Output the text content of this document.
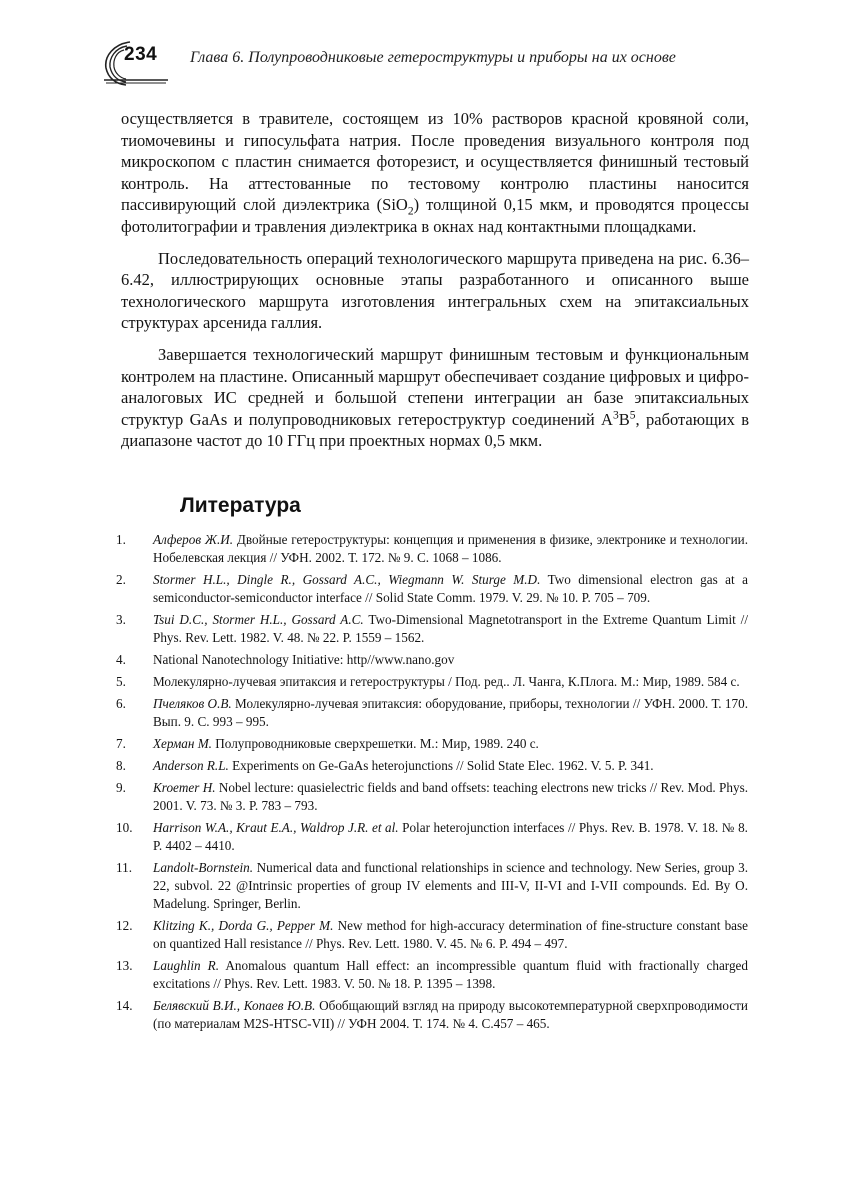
234 Глава 6. Полупроводниковые гетероструктуры и приборы на их основе

осуществляется в травителе, состоящем из 10% растворов красной кровяной соли, тиомочевины и гипосульфата натрия. После проведения визуального контроля под микроскопом с пластин снимается фоторезист, и осуществляется финишный тестовый контроль. На аттестованные по тестовому контролю пластины наносится пассивирующий слой диэлектрика (SiO$_2$) толщиной 0,15 мкм, и проводятся процессы фотолитографии и травления диэлектрика в окнах над контактными площадками.

Последовательность операций технологического маршрута приведена на рис. 6.36–6.42, иллюстрирующих основные этапы разработанного и описанного выше технологического маршрута изготовления интегральных схем на эпитаксиальных структурах арсенида галлия.

Завершается технологический маршрут финишным тестовым и функциональным контролем на пластине. Описанный маршрут обеспечивает создание цифровых и цифро-аналоговых ИС средней и большой степени интеграции ан базе эпитаксиальных структур GaAs и полупроводниковых гетероструктур соединений $A^3B^5$, работающих в диапазоне частот до 10 ГГц при проектных нормах 0,5 мкм.

Литература
1. Алферов Ж.И. Двойные гетероструктуры: концепция и применения в физике, электронике и технологии. Нобелевская лекция // УФН. 2002. Т. 172. № 9. С. 1068 – 1086.
2. Stormer H.L., Dingle R., Gossard A.C., Wiegmann W. Sturge M.D. Two dimensional electron gas at a semiconductor-semiconductor interface // Solid State Comm. 1979. V. 29. № 10. P. 705 – 709.
3. Tsui D.C., Stormer H.L., Gossard A.C. Two-Dimensional Magnetotransport in the Extreme Quantum Limit // Phys. Rev. Lett. 1982. V. 48. № 22. P. 1559 – 1562.
4. National Nanotechnology Initiative: http//www.nano.gov
5. Молекулярно-лучевая эпитаксия и гетероструктуры / Под. ред.. Л. Чанга, К.Плога. М.: Мир, 1989. 584 с.
6. Пчеляков О.В. Молекулярно-лучевая эпитаксия: оборудование, приборы, технологии // УФН. 2000. Т. 170. Вып. 9. С. 993 – 995.
7. Херман М. Полупроводниковые сверхрешетки. М.: Мир, 1989. 240 с.
8. Anderson R.L. Experiments on Ge-GaAs heterojunctions // Solid State Elec. 1962. V. 5. P. 341.
9. Kroemer H. Nobel lecture: quasielectric fields and band offsets: teaching electrons new tricks // Rev. Mod. Phys. 2001. V. 73. № 3. P. 783 – 793.
10. Harrison W.A., Kraut E.A., Waldrop J.R. et al. Polar heterojunction interfaces // Phys. Rev. B. 1978. V. 18. № 8. P. 4402 – 4410.
11. Landolt-Bornstein. Numerical data and functional relationships in science and technology. New Series, group 3. 22, subvol. 22 @Intrinsic properties of group IV elements and III-V, II-VI and I-VII compounds. Ed. By O. Madelung. Springer, Berlin.
12. Klitzing K., Dorda G., Pepper M. New method for high-accuracy determination of fine-structure constant base on quantized Hall resistance // Phys. Rev. Lett. 1980. V. 45. № 6. P. 494 – 497.
13. Laughlin R. Anomalous quantum Hall effect: an incompressible quantum fluid with fractionally charged excitations // Phys. Rev. Lett. 1983. V. 50. № 18. P. 1395 – 1398.
14. Белявский В.И., Копаев Ю.В. Обобщающий взгляд на природу высокотемпературной сверхпроводимости (по материалам M2S-HTSC-VII) // УФН 2004. Т. 174. № 4. С.457 – 465.
